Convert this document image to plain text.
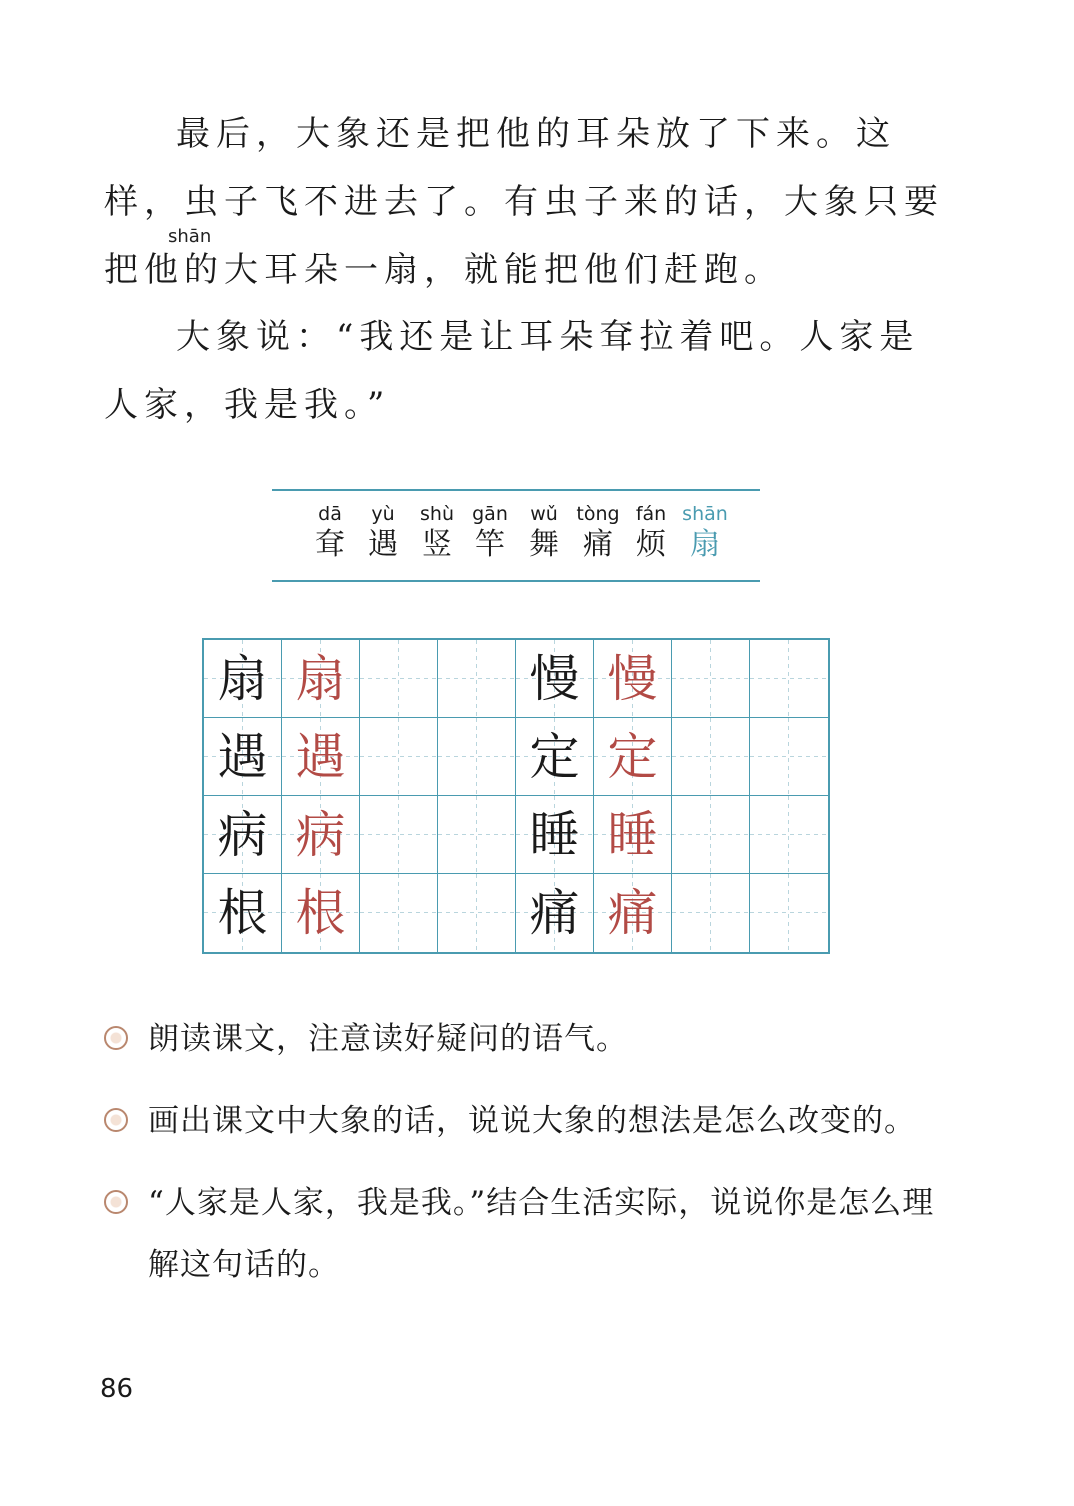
最后，大象还是把他的耳朵放了下来。这样，虫子飞不进去了。有虫子来的话，大象只要把他的大耳朵一扇，就能把他们赶跑。

shān

大象说：“我还是让耳朵耷拉着吧。人家是人家，我是我。”

dā
耷
yù
遇
shù
竖
gān
竿
wǔ
舞
tòng
痛
fán
烦
shān
扇
扇 扇	慢 慢
遇 遇	定 定
病 病	睡 睡
根 根	痛 痛
朗读课文，注意读好疑问的语气。
画出课文中大象的话，说说大象的想法是怎么改变的。
“人家是人家，我是我。”结合生活实际，说说你是怎么理解这句话的。
86
